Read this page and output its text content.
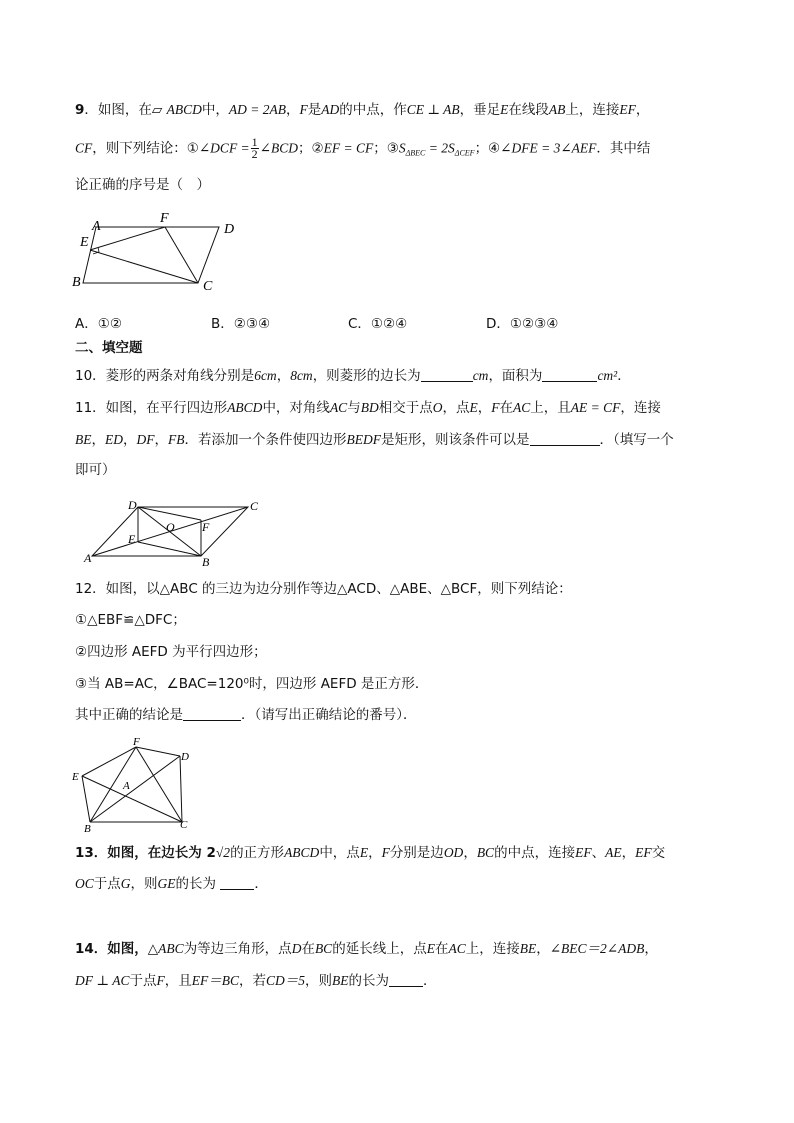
9．如图，在▱ ABCD中，AD = 2AB，F是AD的中点，作CE ⊥ AB，垂足E在线段AB上，连接EF，
CF，则下列结论：①∠DCF = $\frac{1}{2}$ ∠BCD；②EF = CF；$③S_{\Delta BEC} = 2S_{\Delta CEF}$；④∠DFE = 3∠AEF．其中结
论正确的序号是（　）
A
F
D
E
B	C
A．①②	B．②③④	C．①②④	D．①②③④
二、填空题
10．菱形的两条对角线分别是6cm，8cm，则菱形的边长为	cm，面积为	cm²．
11．如图，在平行四边形ABCD中，对角线AC与BD相交于点O，点E，F在AC上，且AE = CF，连接
BE，ED，DF，FB．若添加一个条件使四边形BEDF是矩形，则该条件可以是	．（填写一个
即可）
D	C
O F
E
A	B
12．如图，以△ABC 的三边为边分别作等边△ACD、△ABE、△BCF，则下列结论：
①△EBF≌△DFC；
②四边形 AEFD 为平行四边形；
③当 AB=AC，∠BAC=120⁰时，四边形 AEFD 是正方形．
其中正确的结论是	．（请写出正确结论的番号）．
F
D
E
A
B	C
13．如图，在边长为 2√2的正方形ABCD中，点E，F分别是边OD，BC的中点，连接EF、AE，EF交
OC于点G，则GE的长为	．
14．如图，△ABC为等边三角形，点D在BC的延长线上，点E在AC上，连接BE，∠BEC＝2∠ADB，
DF ⊥ AC于点F，且EF＝BC，若CD＝5，则BE的长为	．
